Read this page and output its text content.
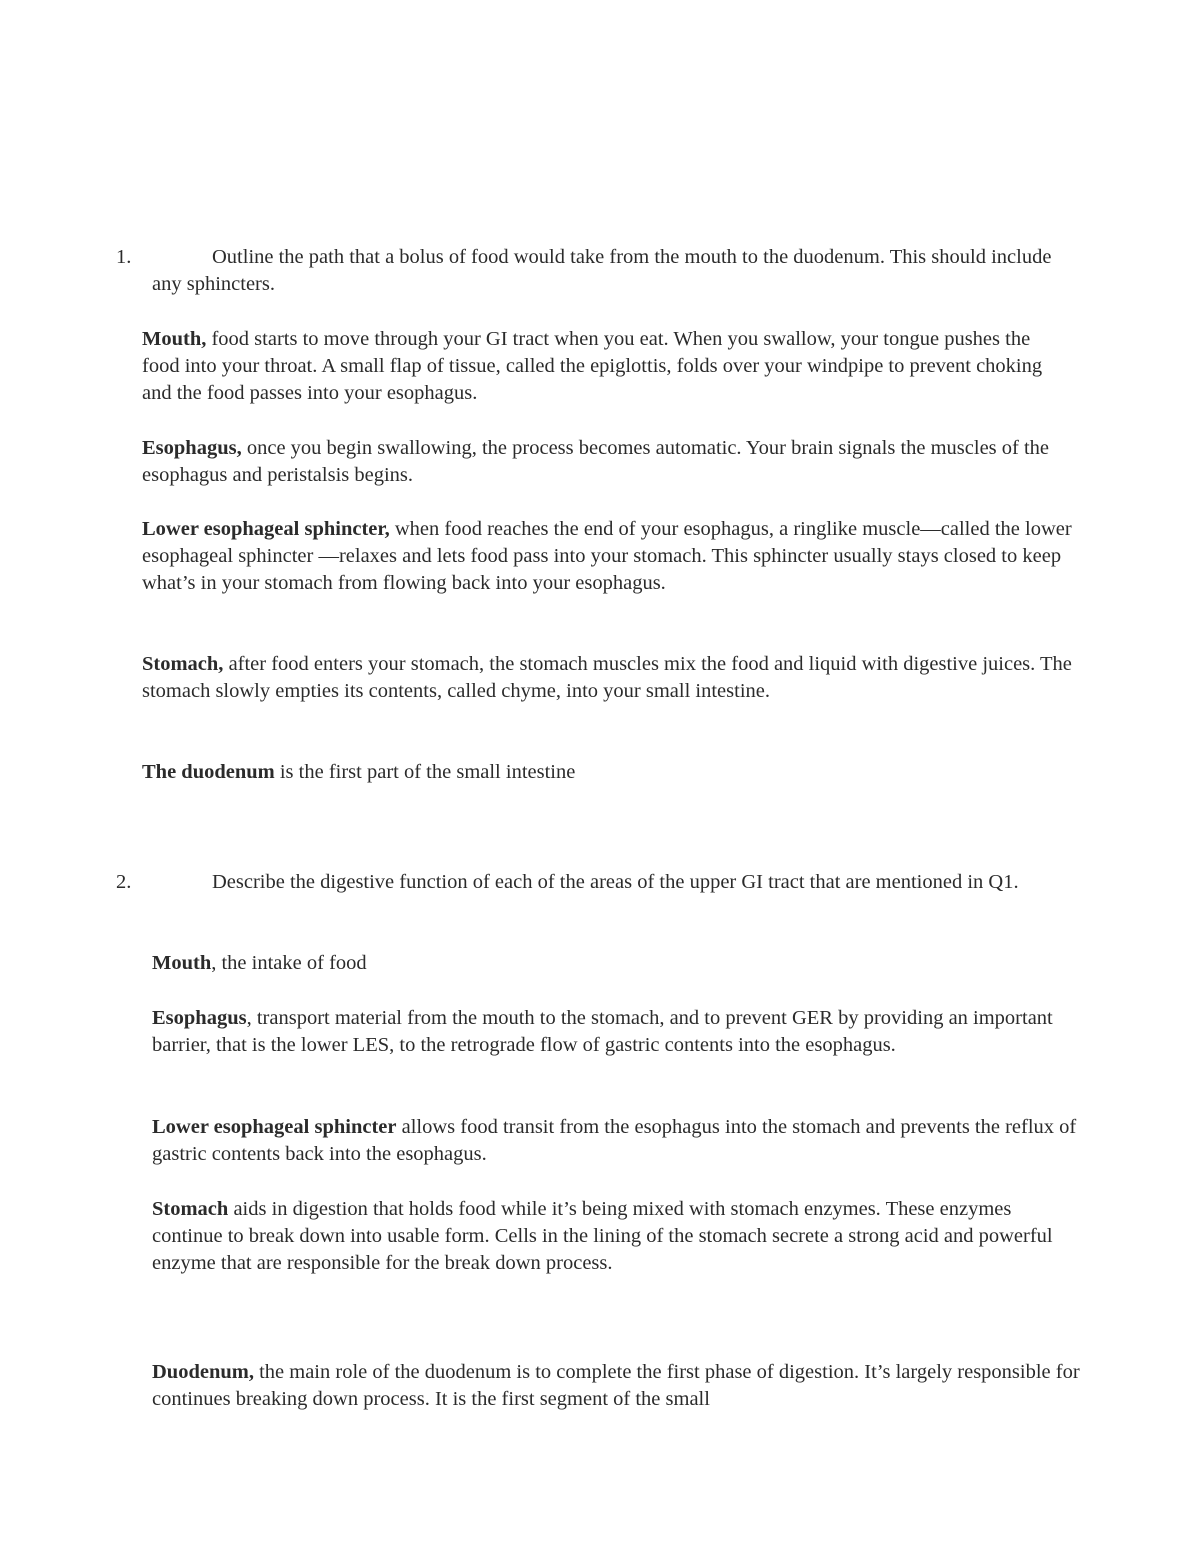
1.	Outline the path that a bolus of food would take from the mouth to the duodenum. This should include any sphincters.

Mouth, food starts to move through your GI tract when you eat. When you swallow, your tongue pushes the food into your throat. A small flap of tissue, called the epiglottis, folds over your windpipe to prevent choking and the food passes into your esophagus.

Esophagus, once you begin swallowing, the process becomes automatic. Your brain signals the muscles of the esophagus and peristalsis begins.

Lower esophageal sphincter, when food reaches the end of your esophagus, a ringlike muscle—called the lower esophageal sphincter —relaxes and lets food pass into your stomach. This sphincter usually stays closed to keep what’s in your stomach from flowing back into your esophagus.

Stomach, after food enters your stomach, the stomach muscles mix the food and liquid with digestive juices. The stomach slowly empties its contents, called chyme, into your small intestine.

The duodenum is the first part of the small intestine

2.	Describe the digestive function of each of the areas of the upper GI tract that are mentioned in Q1.

Mouth, the intake of food

Esophagus, transport material from the mouth to the stomach, and to prevent GER by providing an important barrier, that is the lower LES, to the retrograde flow of gastric contents into the esophagus.

Lower esophageal sphincter allows food transit from the esophagus into the stomach and prevents the reflux of gastric contents back into the esophagus.

Stomach aids in digestion that holds food while it’s being mixed with stomach enzymes. These enzymes continue to break down into usable form. Cells in the lining of the stomach secrete a strong acid and powerful enzyme that are responsible for the break down process.

Duodenum, the main role of the duodenum is to complete the first phase of digestion. It’s largely responsible for continues breaking down process. It is the first segment of the small
